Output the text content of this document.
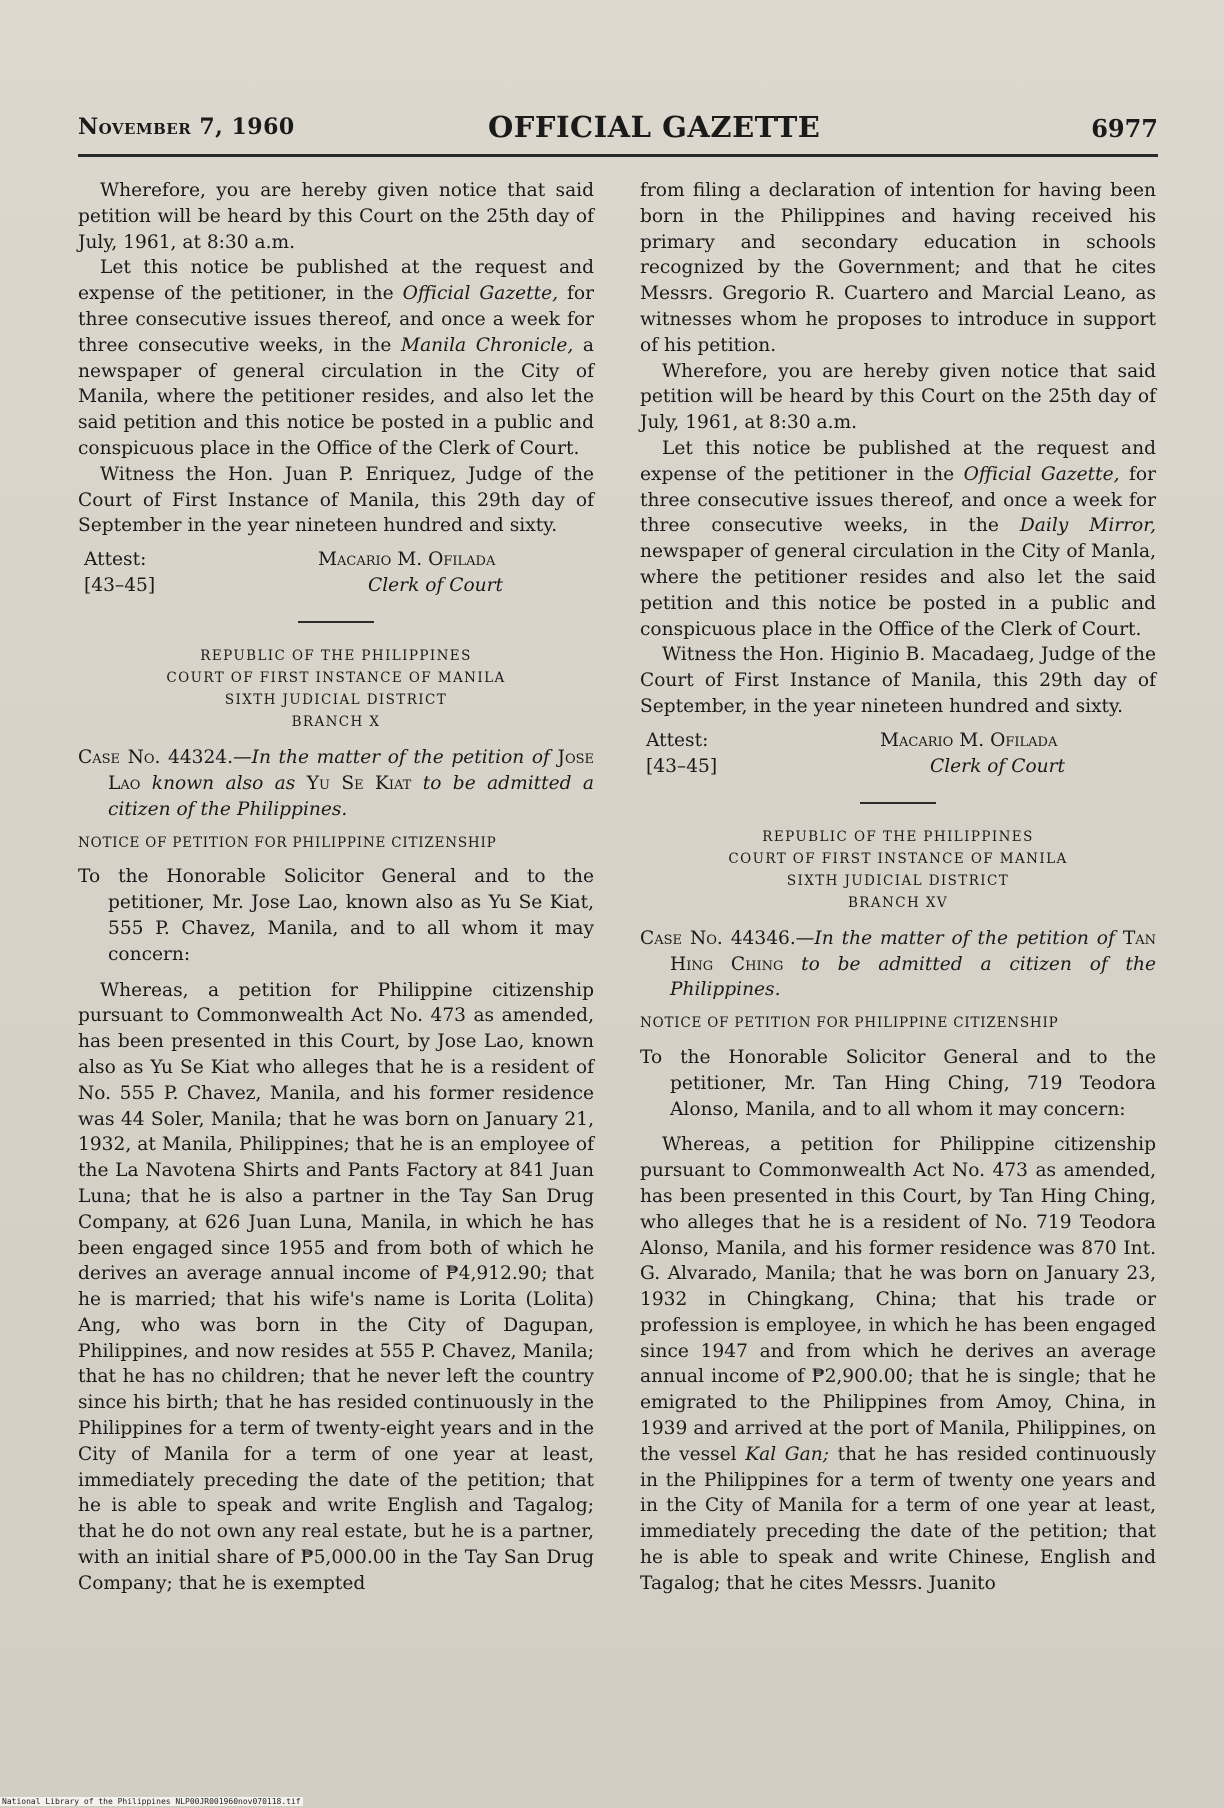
November 7, 1960	OFFICIAL GAZETTE	6977

Wherefore, you are hereby given notice that said petition will be heard by this Court on the 25th day of July, 1961, at 8:30 a.m.

Let this notice be published at the request and expense of the petitioner, in the Official Gazette, for three consecutive issues thereof, and once a week for three consecutive weeks, in the Manila Chronicle, a newspaper of general circulation in the City of Manila, where the petitioner resides, and also let the said petition and this notice be posted in a public and conspicuous place in the Office of the Clerk of Court.

Witness the Hon. Juan P. Enriquez, Judge of the Court of First Instance of Manila, this 29th day of September in the year nineteen hundred and sixty.

Attest:
[43–45]
Macario M. Ofilada
Clerk of Court
REPUBLIC OF THE PHILIPPINES
COURT OF FIRST INSTANCE OF MANILA
SIXTH JUDICIAL DISTRICT
BRANCH X

Case No. 44324.—In the matter of the petition of Jose Lao known also as Yu Se Kiat to be admitted a citizen of the Philippines.

NOTICE OF PETITION FOR PHILIPPINE CITIZENSHIP

To the Honorable Solicitor General and to the petitioner, Mr. Jose Lao, known also as Yu Se Kiat, 555 P. Chavez, Manila, and to all whom it may concern:

Whereas, a petition for Philippine citizenship pursuant to Commonwealth Act No. 473 as amended, has been presented in this Court, by Jose Lao, known also as Yu Se Kiat who alleges that he is a resident of No. 555 P. Chavez, Manila, and his former residence was 44 Soler, Manila; that he was born on January 21, 1932, at Manila, Philippines; that he is an employee of the La Navotena Shirts and Pants Factory at 841 Juan Luna; that he is also a partner in the Tay San Drug Company, at 626 Juan Luna, Manila, in which he has been engaged since 1955 and from both of which he derives an average annual income of ₱4,912.90; that he is married; that his wife's name is Lorita (Lolita) Ang, who was born in the City of Dagupan, Philippines, and now resides at 555 P. Chavez, Manila; that he has no children; that he never left the country since his birth; that he has resided continuously in the Philippines for a term of twenty-eight years and in the City of Manila for a term of one year at least, immediately preceding the date of the petition; that he is able to speak and write English and Tagalog; that he do not own any real estate, but he is a partner, with an initial share of ₱5,000.00 in the Tay San Drug Company; that he is exempted

from filing a declaration of intention for having been born in the Philippines and having received his primary and secondary education in schools recognized by the Government; and that he cites Messrs. Gregorio R. Cuartero and Marcial Leano, as witnesses whom he proposes to introduce in support of his petition.

Wherefore, you are hereby given notice that said petition will be heard by this Court on the 25th day of July, 1961, at 8:30 a.m.

Let this notice be published at the request and expense of the petitioner in the Official Gazette, for three consecutive issues thereof, and once a week for three consecutive weeks, in the Daily Mirror, newspaper of general circulation in the City of Manla, where the petitioner resides and also let the said petition and this notice be posted in a public and conspicuous place in the Office of the Clerk of Court.

Witness the Hon. Higinio B. Macadaeg, Judge of the Court of First Instance of Manila, this 29th day of September, in the year nineteen hundred and sixty.

Attest:
[43–45]
Macario M. Ofilada
Clerk of Court
REPUBLIC OF THE PHILIPPINES
COURT OF FIRST INSTANCE OF MANILA
SIXTH JUDICIAL DISTRICT
BRANCH XV

Case No. 44346.—In the matter of the petition of Tan Hing Ching to be admitted a citizen of the Philippines.

NOTICE OF PETITION FOR PHILIPPINE CITIZENSHIP

To the Honorable Solicitor General and to the petitioner, Mr. Tan Hing Ching, 719 Teodora Alonso, Manila, and to all whom it may concern:

Whereas, a petition for Philippine citizenship pursuant to Commonwealth Act No. 473 as amended, has been presented in this Court, by Tan Hing Ching, who alleges that he is a resident of No. 719 Teodora Alonso, Manila, and his former residence was 870 Int. G. Alvarado, Manila; that he was born on January 23, 1932 in Chingkang, China; that his trade or profession is employee, in which he has been engaged since 1947 and from which he derives an average annual income of ₱2,900.00; that he is single; that he emigrated to the Philippines from Amoy, China, in 1939 and arrived at the port of Manila, Philippines, on the vessel Kal Gan; that he has resided continuously in the Philippines for a term of twenty one years and in the City of Manila for a term of one year at least, immediately preceding the date of the petition; that he is able to speak and write Chinese, English and Tagalog; that he cites Messrs. Juanito

National Library of the Philippines NLP00JR001960nov070118.tif
